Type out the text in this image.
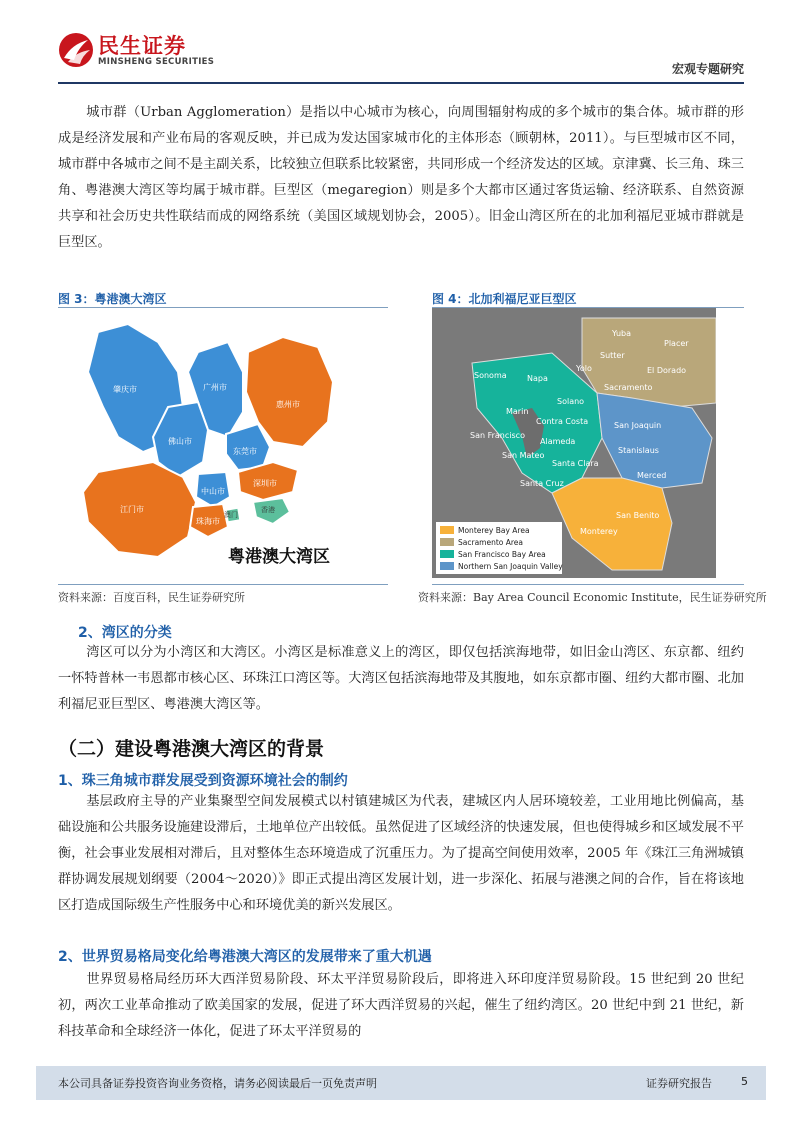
民生证券
MINSHENG SECURITIES	宏观专题研究

城市群（Urban Agglomeration）是指以中心城市为核心，向周围辐射构成的多个城市的集合体。城市群的形成是经济发展和产业布局的客观反映，并已成为发达国家城市化的主体形态（顾朝林，2011）。与巨型城市区不同，城市群中各城市之间不是主副关系，比较独立但联系比较紧密，共同形成一个经济发达的区域。京津冀、长三角、珠三角、粤港澳大湾区等均属于城市群。巨型区（megaregion）则是多个大都市区通过客货运输、经济联系、自然资源共享和社会历史共性联结而成的网络系统（美国区域规划协会，2005）。旧金山湾区所在的北加利福尼亚城市群就是巨型区。

图 3：粤港澳大湾区	图 4：北加利福尼亚巨型区
肇庆市	广州市
惠州市
佛山市
东莞市
深圳市
中山市
江门市
珠海市
澳门
香港
粤港澳大湾区
Yuba
Placer
Sutter
Yolo	El Dorado
Sonoma	Napa
Sacramento
Marin
Solano
Contra Costa	San Joaquin
San Francisco
Alameda
Stanislaus
San Mateo
Santa Clara
Merced
Santa Cruz
San Benito
Monterey
Monterey Bay Area
Sacramento Area
San Francisco Bay Area
Northern San Joaquin Valley
资料来源：百度百科，民生证券研究所	资料来源：Bay Area Council Economic Institute，民生证券研究所
2、湾区的分类

湾区可以分为小湾区和大湾区。小湾区是标准意义上的湾区，即仅包括滨海地带，如旧金山湾区、东京都、纽约一怀特普林一韦恩都市核心区、环珠江口湾区等。大湾区包括滨海地带及其腹地，如东京都市圈、纽约大都市圈、北加利福尼亚巨型区、粤港澳大湾区等。

（二）建设粤港澳大湾区的背景
1、珠三角城市群发展受到资源环境社会的制约

基层政府主导的产业集聚型空间发展模式以村镇建城区为代表，建城区内人居环境较差，工业用地比例偏高，基础设施和公共服务设施建设滞后，土地单位产出较低。虽然促进了区域经济的快速发展，但也使得城乡和区域发展不平衡，社会事业发展相对滞后，且对整体生态环境造成了沉重压力。为了提高空间使用效率，2005 年《珠江三角洲城镇群协调发展规划纲要（2004～2020）》即正式提出湾区发展计划，进一步深化、拓展与港澳之间的合作，旨在将该地区打造成国际级生产性服务中心和环境优美的新兴发展区。

2、世界贸易格局变化给粤港澳大湾区的发展带来了重大机遇

世界贸易格局经历环大西洋贸易阶段、环太平洋贸易阶段后，即将进入环印度洋贸易阶段。15 世纪到 20 世纪初，两次工业革命推动了欧美国家的发展，促进了环大西洋贸易的兴起，催生了纽约湾区。20 世纪中到 21 世纪，新科技革命和全球经济一体化，促进了环太平洋贸易的

本公司具备证券投资咨询业务资格，请务必阅读最后一页免责声明	证券研究报告	5
